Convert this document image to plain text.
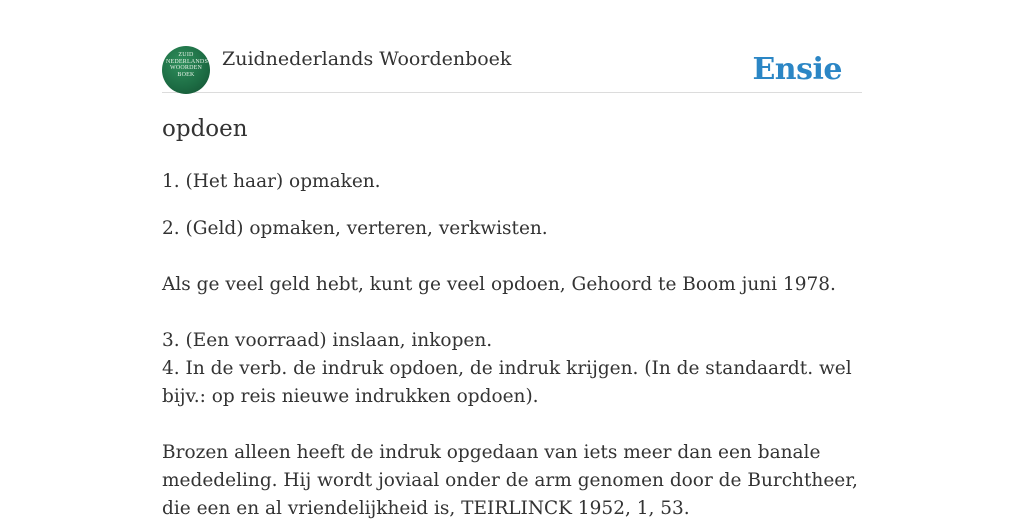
ZUID
NEDERLANDS
WOORDEN
BOEK
Zuidnederlands Woordenboek	Ensie
opdoen

1. (Het haar) opmaken.

2. (Geld) opmaken, verteren, verkwisten.

Als ge veel geld hebt, kunt ge veel opdoen, Gehoord te Boom juni 1978.

3. (Een voorraad) inslaan, inkopen.

4. In de verb. de indruk opdoen, de indruk krijgen. (In de standaardt. wel bijv.: op reis nieuwe indrukken opdoen).

Brozen alleen heeft de indruk opgedaan van iets meer dan een banale mededeling. Hij wordt joviaal onder de arm genomen door de Burchtheer, die een en al vriendelijkheid is, TEIRLINCK 1952, 1, 53.
